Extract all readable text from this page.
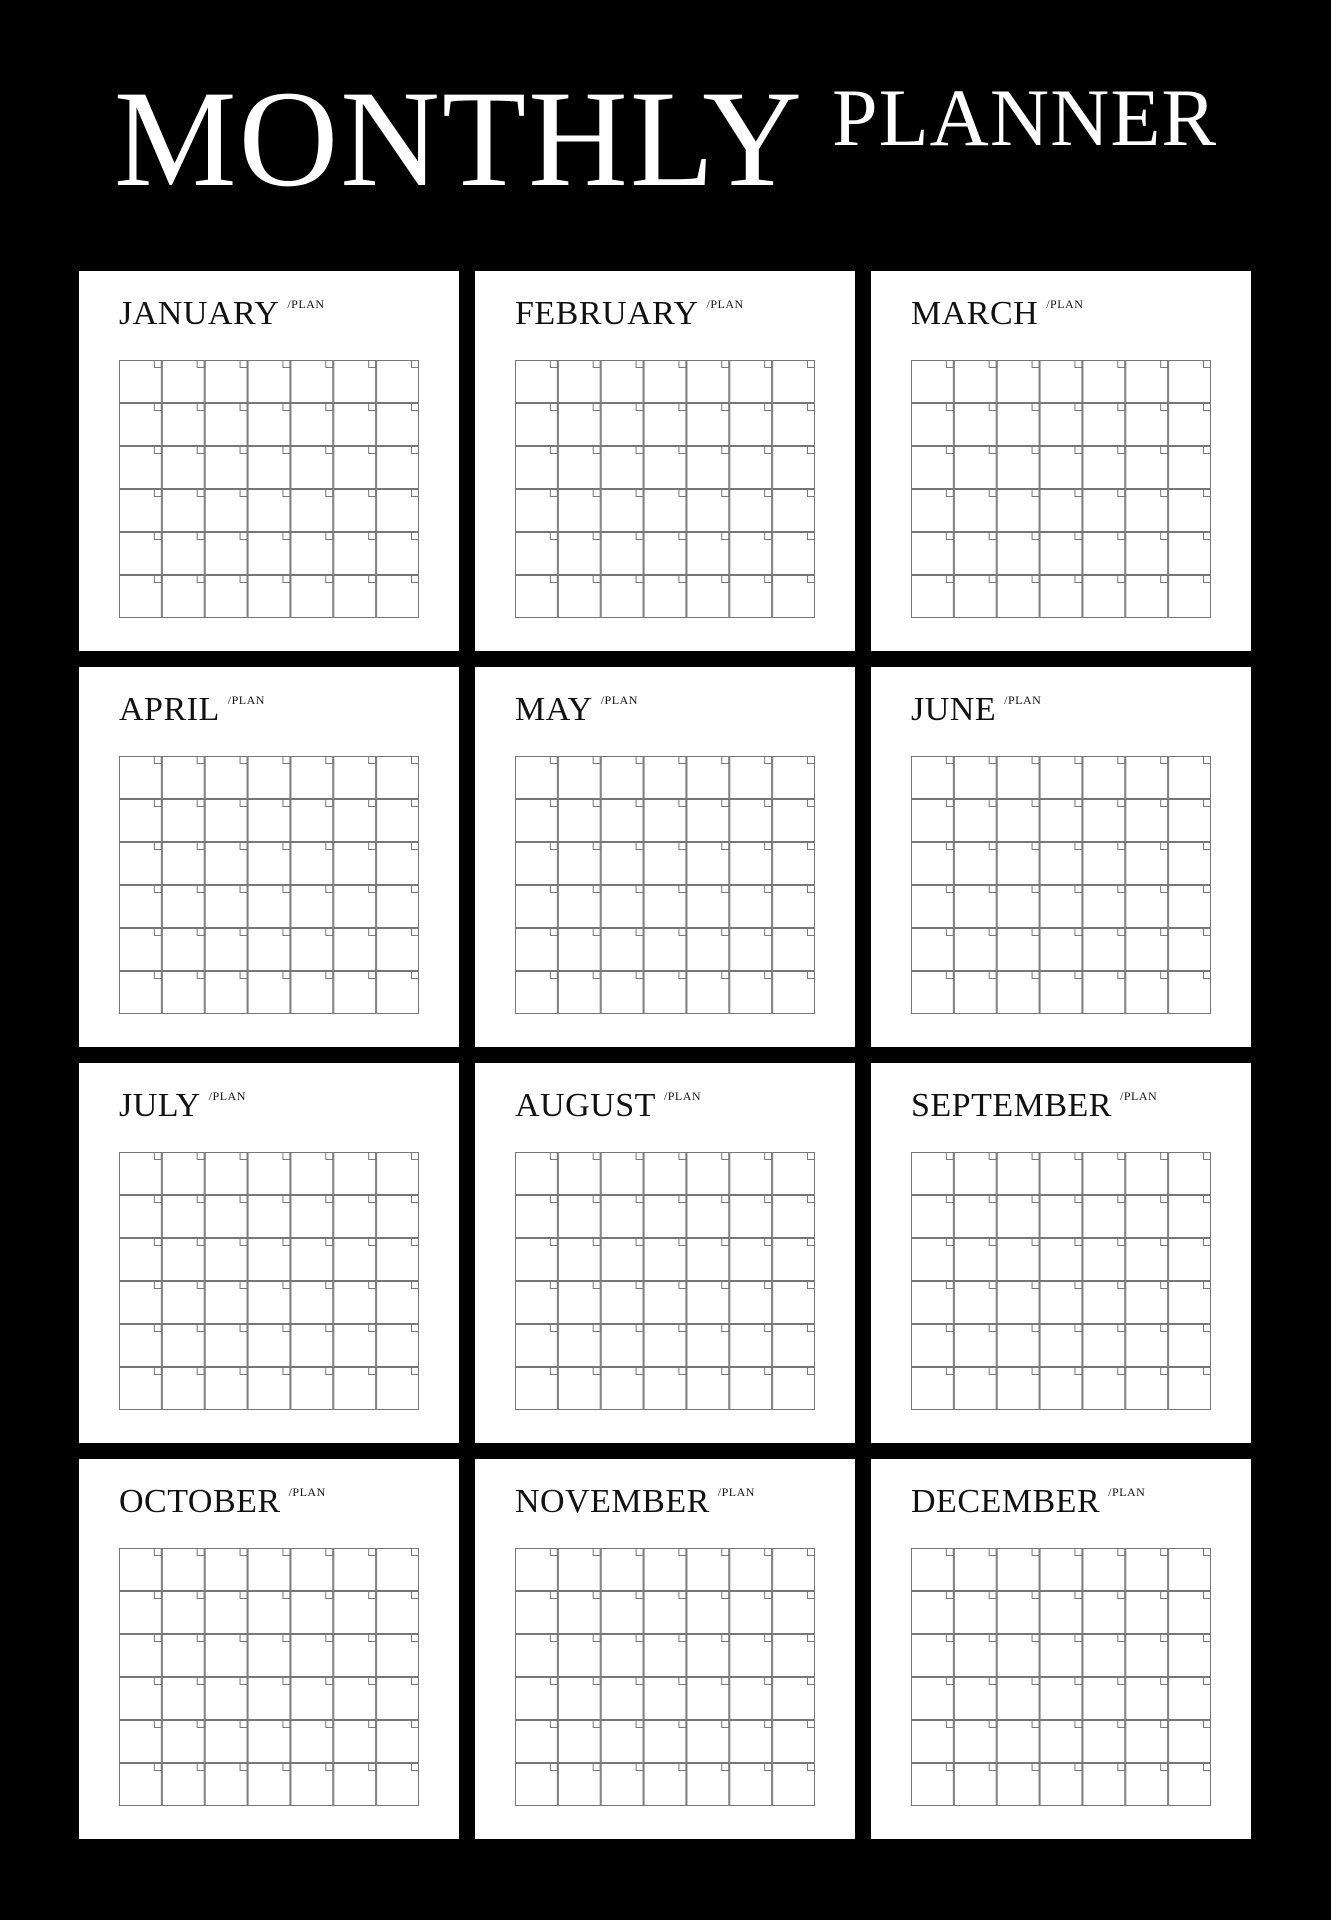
MONTHLY PLANNER
JANUARY $^{/PLAN}$	FEBRUARY $^{/PLAN}$	MARCH $^{/PLAN}$
APRIL $^{/PLAN}$	MAY $^{/PLAN}$	JUNE $^{/PLAN}$
JULY $^{/PLAN}$	AUGUST $^{/PLAN}$	SEPTEMBER $^{/PLAN}$
OCTOBER $^{/PLAN}$	NOVEMBER $^{/PLAN}$	DECEMBER $^{/PLAN}$
